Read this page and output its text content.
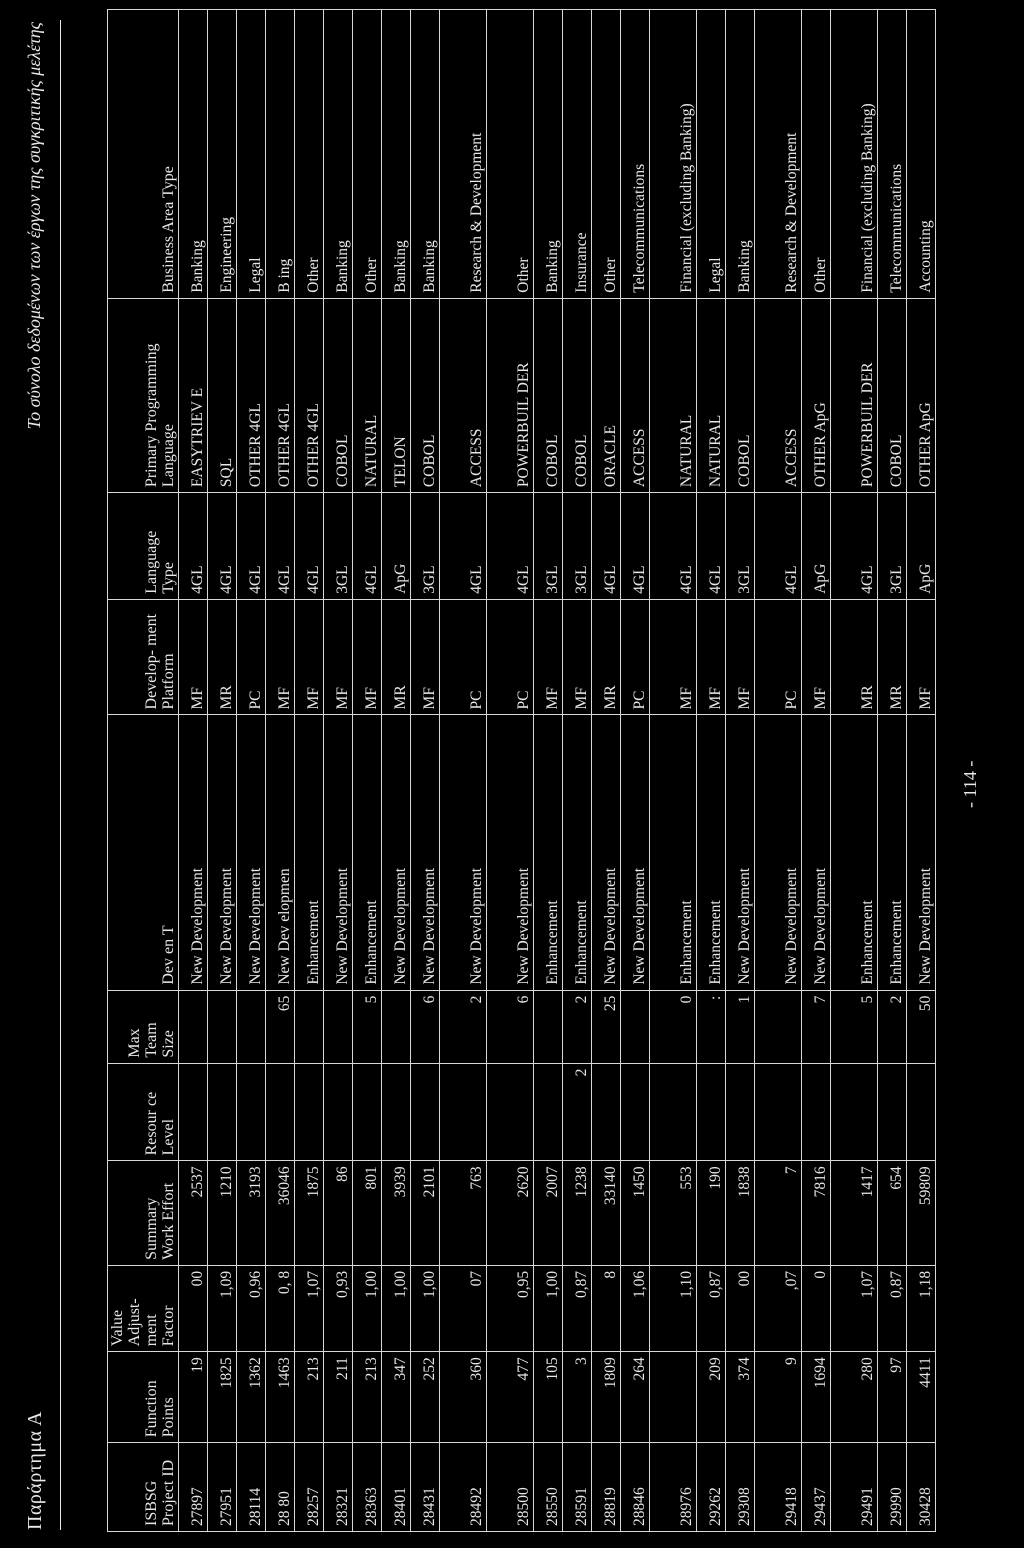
Παράρτημα Α
Το σύνολο δεδομένων των έργων της συγκριτικής μελέτης
ISBSG Project ID	Function Points	Value Adjust- ment Factor	Summary Work Effort	Resour ce Level	Max Team Size	Dev en T	Develop- ment Platform	Language Type	Primary Programming Language	Business Area Type
27897	19	00	2537			New Development	MF	4GL	EASYTRIEV E	Banking
27951	1825	1,09	1210			New Development	MR	4GL	SQL	Engineering
28114	1362	0,96	3193			New Development	PC	4GL	OTHER 4GL	Legal
28 80	1463	0, 8	36046		65	New Dev elopmen	MF	4GL	OTHER 4GL	B ing
28257	213	1,07	1875			Enhancement	MF	4GL	OTHER 4GL	Other
28321	211	0,93	86			New Development	MF	3GL	COBOL	Banking
28363	213	1,00	801		5	Enhancement	MF	4GL	NATURAL	Other
28401	347	1,00	3939			New Development	MR	ApG	TELON	Banking
28431	252	1,00	2101		6	New Development	MF	3GL	COBOL	Banking
28492	360	07	763		2	New Development	PC	4GL	ACCESS	Research & Development
28500	477	0,95	2620		6	New Development	PC	4GL	POWERBUIL DER	Other
28550	105	1,00	2007			Enhancement	MF	3GL	COBOL	Banking
28591	3	0,87	1238	2	2	Enhancement	MF	3GL	COBOL	Insurance
28819	1809	8	33140		25	New Development	MR	4GL	ORACLE	Other
28846	264	1,06	1450			New Development	PC	4GL	ACCESS	Telecommunications
28976		1,10	553		0	Enhancement	MF	4GL	NATURAL	Financial (excluding Banking)
29262	209	0,87	190		:	Enhancement	MF	4GL	NATURAL	Legal
29308	374	00	1838		1	New Development	MF	3GL	COBOL	Banking
29418	9	,07	7			New Development	PC	4GL	ACCESS	Research & Development
29437	1694	0	7816		7	New Development	MF	ApG	OTHER ApG	Other
29491	280	1,07	1417		5	Enhancement	MR	4GL	POWERBUIL DER	Financial (excluding Banking)
29990	97	0,87	654		2	Enhancement	MR	3GL	COBOL	Telecommunications
30428	4411	1,18	59809		50	New Development	MF	ApG	OTHER ApG	Accounting
- 114 -
